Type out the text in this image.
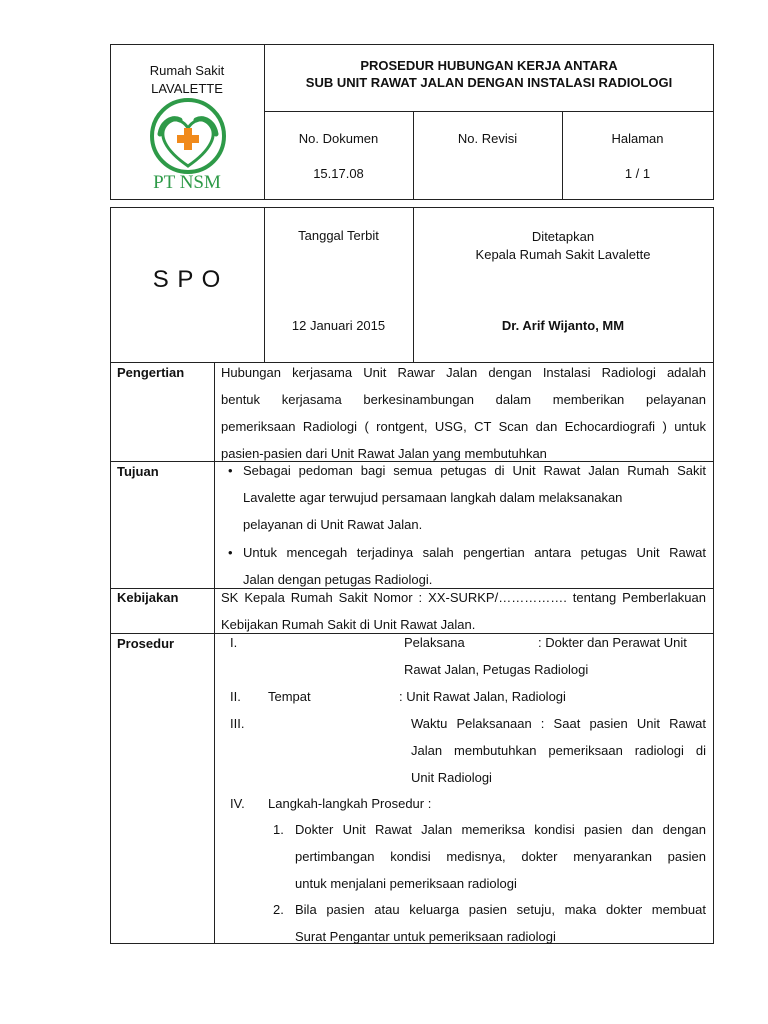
Rumah Sakit
LAVALETTE
PT NSM
PROSEDUR HUBUNGAN KERJA ANTARA
SUB UNIT RAWAT JALAN DENGAN INSTALASI RADIOLOGI
No. Dokumen
15.17.08
No. Revisi	Halaman
1 / 1
S P O
Tanggal Terbit
12 Januari 2015
Ditetapkan
Kepala Rumah Sakit Lavalette
Dr. Arif Wijanto, MM
Pengertian	Hubungan kerjasama Unit Rawar Jalan dengan Instalasi Radiologi adalah
bentuk kerjasama berkesinambungan dalam memberikan pelayanan
pemeriksaan Radiologi ( rontgent, USG, CT Scan dan Echocardiografi ) untuk
pasien-pasien dari Unit Rawat Jalan yang membutuhkan
Tujuan
•	Sebagai pedoman bagi semua petugas di Unit Rawat Jalan Rumah Sakit
Lavalette agar terwujud persamaan langkah dalam melaksanakan
pelayanan di Unit Rawat Jalan.
• Untuk mencegah terjadinya salah pengertian antara petugas Unit Rawat
Jalan dengan petugas Radiologi.
Kebijakan	SK Kepala Rumah Sakit Nomor : XX-SURKP/……………. tentang Pemberlakuan
Kebijakan Rumah Sakit di Unit Rawat Jalan.
Prosedur	I.	Pelaksana	: Dokter dan Perawat Unit
Rawat Jalan, Petugas Radiologi
II. Tempat	: Unit Rawat Jalan, Radiologi
III.	Waktu Pelaksanaan : Saat pasien Unit Rawat
Jalan membutuhkan pemeriksaan radiologi di
Unit Radiologi
IV. Langkah-langkah Prosedur :
1. Dokter Unit Rawat Jalan memeriksa kondisi pasien dan dengan
pertimbangan kondisi medisnya, dokter menyarankan pasien
untuk menjalani pemeriksaan radiologi
2. Bila pasien atau keluarga pasien setuju, maka dokter membuat
Surat Pengantar untuk pemeriksaan radiologi
